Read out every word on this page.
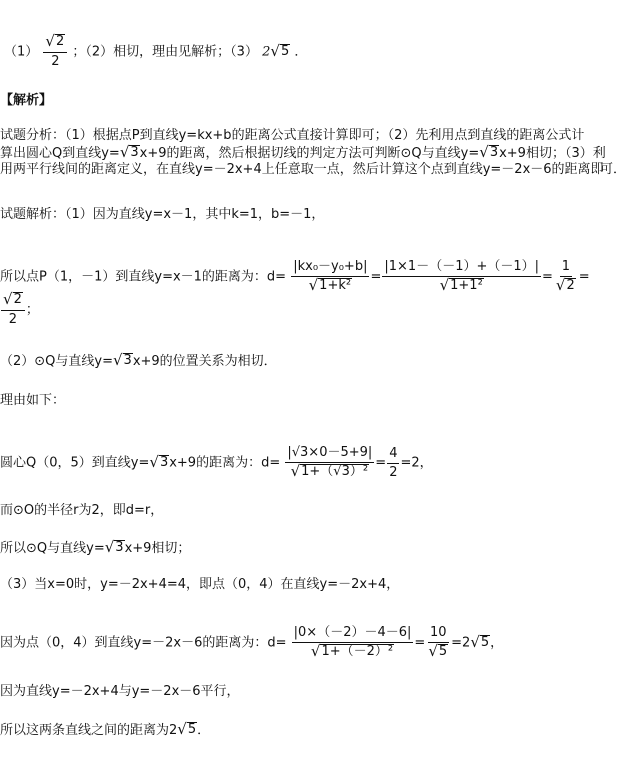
$(1) \frac{√ 2}{2}$ ；（2）相切，理由见解析；（3） 2 √ 5 ．
【解析】
试题分析：（1）根据点P到直线y=kx+b的距离公式直接计算即可；（2）先利用点到直线的距离公式计
算出圆心Q到直线y= √ 3 x+9的距离，然后根据切线的判定方法可判断⊙Q与直线y= √ 3 x+9相切；（3）利
用两平行线间的距离定义，在直线y=－2x+4上任意取一点，然后计算这个点到直线y=－2x－6的距离即
可．
试题解析：（1）因为直线y=x－1，其中k=1，b=－1，
所以点P（1，－1）到直线y=x－1的距离为：$d= \frac{\text{|kx₀－y₀+b|}}{\text{√ 1+k²}} = \frac{|1\times 1-(-1)+(-1)|}{\text{√ 1+1²}} = \frac{1}{√ 2}$ =
$\frac{√ 2}{2}$ ；
（2）⊙Q与直线y= √ 3 x+9的位置关系为相切．
理由如下：
圆心Q（0，5）到直线y= √ 3 x+9的距离为：$d= \frac{|√3\times 0-5+9|}{\text{√ 1+（√3）²}} = \frac{4}{2} =2$，
而⊙O的半径r为2，即d=r，
所以⊙Q与直线y= √ 3 x+9相切；
（3）当x=0时，y=－2x+4=4，即点（0，4）在直线y=－2x+4，
因为点（0，4）到直线y=－2x－6的距离为：$d= \frac{|0\times(-2)-4-6|}{\text{√ 1+（－2）²}} = \frac{10}{√ 5} =2$ √ 5 ，
因为直线y=－2x+4与y=－2x－6平行，
所以这两条直线之间的距离为2 √ 5 ．
